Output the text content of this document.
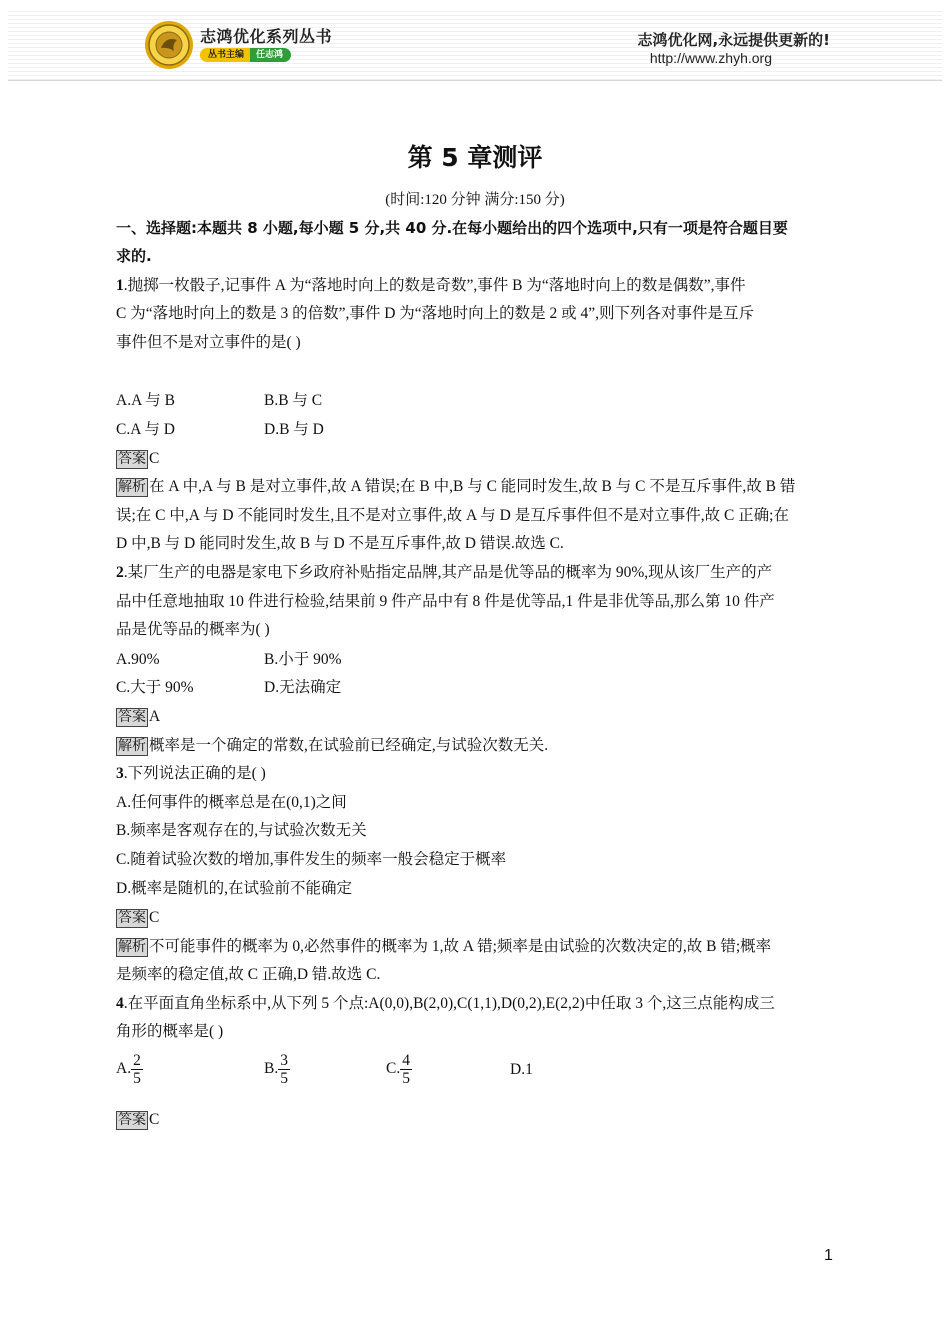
志鸿优化系列丛书
丛书主编 任志鸿
志鸿优化网,永远提供更新的!
http://www.zhyh.org
第 5 章测评
(时间:120 分钟 满分:150 分)
一、选择题:本题共 8 小题,每小题 5 分,共 40 分.在每小题给出的四个选项中,只有一项是符合题目要
求的.
1.抛掷一枚骰子,记事件 A 为“落地时向上的数是奇数”,事件 B 为“落地时向上的数是偶数”,事件
C 为“落地时向上的数是 3 的倍数”,事件 D 为“落地时向上的数是 2 或 4”,则下列各对事件是互斥
事件但不是对立事件的是( )
A.A 与 B	B.B 与 C
C.A 与 D	D.B 与 D
答案 C
解析 在 A 中,A 与 B 是对立事件,故 A 错误;在 B 中,B 与 C 能同时发生,故 B 与 C 不是互斥事件,故 B 错
误;在 C 中,A 与 D 不能同时发生,且不是对立事件,故 A 与 D 是互斥事件但不是对立事件,故 C 正确;在
D 中,B 与 D 能同时发生,故 B 与 D 不是互斥事件,故 D 错误.故选 C.
2.某厂生产的电器是家电下乡政府补贴指定品牌,其产品是优等品的概率为 90%,现从该厂生产的产
品中任意地抽取 10 件进行检验,结果前 9 件产品中有 8 件是优等品,1 件是非优等品,那么第 10 件产
品是优等品的概率为( )
A.90%	B.小于 90%
C.大于 90%	D.无法确定
答案 A
解析 概率是一个确定的常数,在试验前已经确定,与试验次数无关.
3.下列说法正确的是( )
A.任何事件的概率总是在(0,1)之间
B.频率是客观存在的,与试验次数无关
C.随着试验次数的增加,事件发生的频率一般会稳定于概率
D.概率是随机的,在试验前不能确定
答案 C
解析 不可能事件的概率为 0,必然事件的概率为 1,故 A 错;频率是由试验的次数决定的,故 B 错;概率
是频率的稳定值,故 C 正确,D 错.故选 C.
4.在平面直角坐标系中,从下列 5 个点:A(0,0),B(2,0),C(1,1),D(0,2),E(2,2)中任取 3 个,这三点能构成三
角形的概率是( )
A. $\frac{2}{5}$	B. $\frac{3}{5}$	C. $\frac{4}{5}$	D.1
答案 C
1
